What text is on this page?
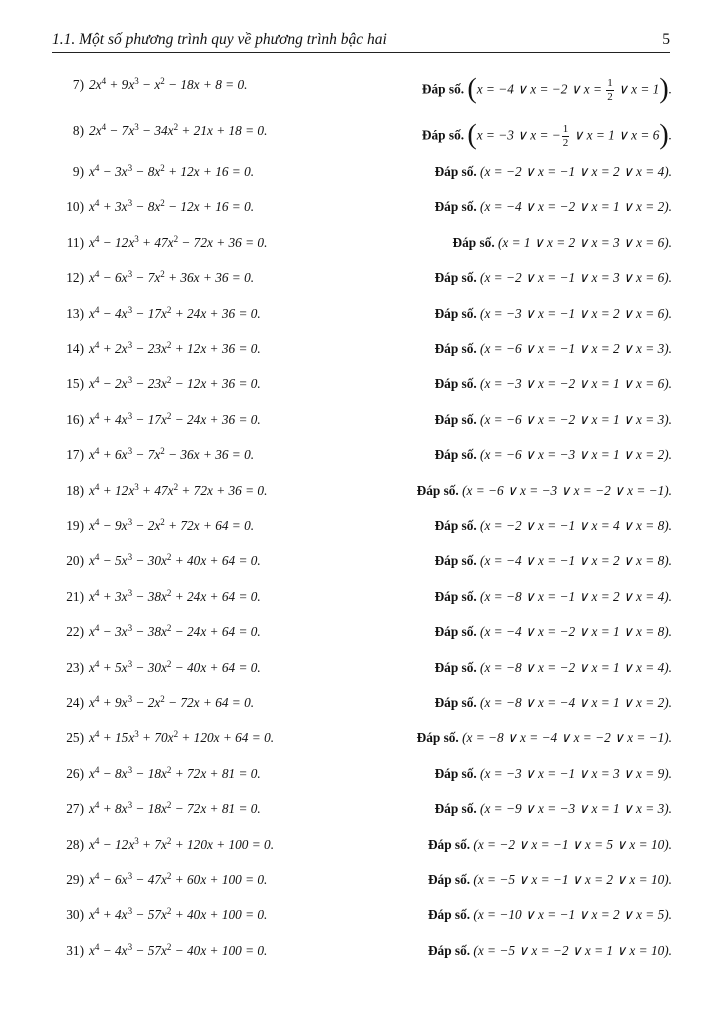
1.1. Một số phương trình quy về phương trình bậc hai	5
7) $2x^4 + 9x^3 - x^2 - 18x + 8 = 0$.	Đáp số. (x = −4 ∨ x = −2 ∨ $x = \frac{1}{2}$ ∨ x = 1).
8) $2x^4 - 7x^3 - 34x^2 + 21x + 18 = 0$.	Đáp số. (x = −3 ∨ x = − $\frac{1}{2}$ ∨ x = 1 ∨ x = 6).
9) $x^4 - 3x^3 - 8x^2 + 12x + 16 = 0$.	Đáp số. (x = −2 ∨ x = −1 ∨ x = 2 ∨ x = 4).
10) $x^4 + 3x^3 - 8x^2 - 12x + 16 = 0$.	Đáp số. (x = −4 ∨ x = −2 ∨ x = 1 ∨ x = 2).
11) $x^4 - 12x^3 + 47x^2 - 72x + 36 = 0$.	Đáp số. (x = 1 ∨ x = 2 ∨ x = 3 ∨ x = 6).
12) $x^4 - 6x^3 - 7x^2 + 36x + 36 = 0$.	Đáp số. (x = −2 ∨ x = −1 ∨ x = 3 ∨ x = 6).
13) $x^4 - 4x^3 - 17x^2 + 24x + 36 = 0$.	Đáp số. (x = −3 ∨ x = −1 ∨ x = 2 ∨ x = 6).
14) $x^4 + 2x^3 - 23x^2 + 12x + 36 = 0$.	Đáp số. (x = −6 ∨ x = −1 ∨ x = 2 ∨ x = 3).
15) $x^4 - 2x^3 - 23x^2 - 12x + 36 = 0$.	Đáp số. (x = −3 ∨ x = −2 ∨ x = 1 ∨ x = 6).
16) $x^4 + 4x^3 - 17x^2 - 24x + 36 = 0$.	Đáp số. (x = −6 ∨ x = −2 ∨ x = 1 ∨ x = 3).
17) $x^4 + 6x^3 - 7x^2 - 36x + 36 = 0$.	Đáp số. (x = −6 ∨ x = −3 ∨ x = 1 ∨ x = 2).
18) $x^4 + 12x^3 + 47x^2 + 72x + 36 = 0$.	Đáp số. (x = −6 ∨ x = −3 ∨ x = −2 ∨ x = −1).
19) $x^4 - 9x^3 - 2x^2 + 72x + 64 = 0$.	Đáp số. (x = −2 ∨ x = −1 ∨ x = 4 ∨ x = 8).
20) $x^4 - 5x^3 - 30x^2 + 40x + 64 = 0$.	Đáp số. (x = −4 ∨ x = −1 ∨ x = 2 ∨ x = 8).
21) $x^4 + 3x^3 - 38x^2 + 24x + 64 = 0$.	Đáp số. (x = −8 ∨ x = −1 ∨ x = 2 ∨ x = 4).
22) $x^4 - 3x^3 - 38x^2 - 24x + 64 = 0$.	Đáp số. (x = −4 ∨ x = −2 ∨ x = 1 ∨ x = 8).
23) $x^4 + 5x^3 - 30x^2 - 40x + 64 = 0$.	Đáp số. (x = −8 ∨ x = −2 ∨ x = 1 ∨ x = 4).
24) $x^4 + 9x^3 - 2x^2 - 72x + 64 = 0$.	Đáp số. (x = −8 ∨ x = −4 ∨ x = 1 ∨ x = 2).
25) $x^4 + 15x^3 + 70x^2 + 120x + 64 = 0$.	Đáp số. (x = −8 ∨ x = −4 ∨ x = −2 ∨ x = −1).
26) $x^4 - 8x^3 - 18x^2 + 72x + 81 = 0$.	Đáp số. (x = −3 ∨ x = −1 ∨ x = 3 ∨ x = 9).
27) $x^4 + 8x^3 - 18x^2 - 72x + 81 = 0$.	Đáp số. (x = −9 ∨ x = −3 ∨ x = 1 ∨ x = 3).
28) $x^4 - 12x^3 + 7x^2 + 120x + 100 = 0$.	Đáp số. (x = −2 ∨ x = −1 ∨ x = 5 ∨ x = 10).
29) $x^4 - 6x^3 - 47x^2 + 60x + 100 = 0$.	Đáp số. (x = −5 ∨ x = −1 ∨ x = 2 ∨ x = 10).
30) $x^4 + 4x^3 - 57x^2 + 40x + 100 = 0$.	Đáp số. (x = −10 ∨ x = −1 ∨ x = 2 ∨ x = 5).
31) $x^4 - 4x^3 - 57x^2 - 40x + 100 = 0$.	Đáp số. (x = −5 ∨ x = −2 ∨ x = 1 ∨ x = 10).
